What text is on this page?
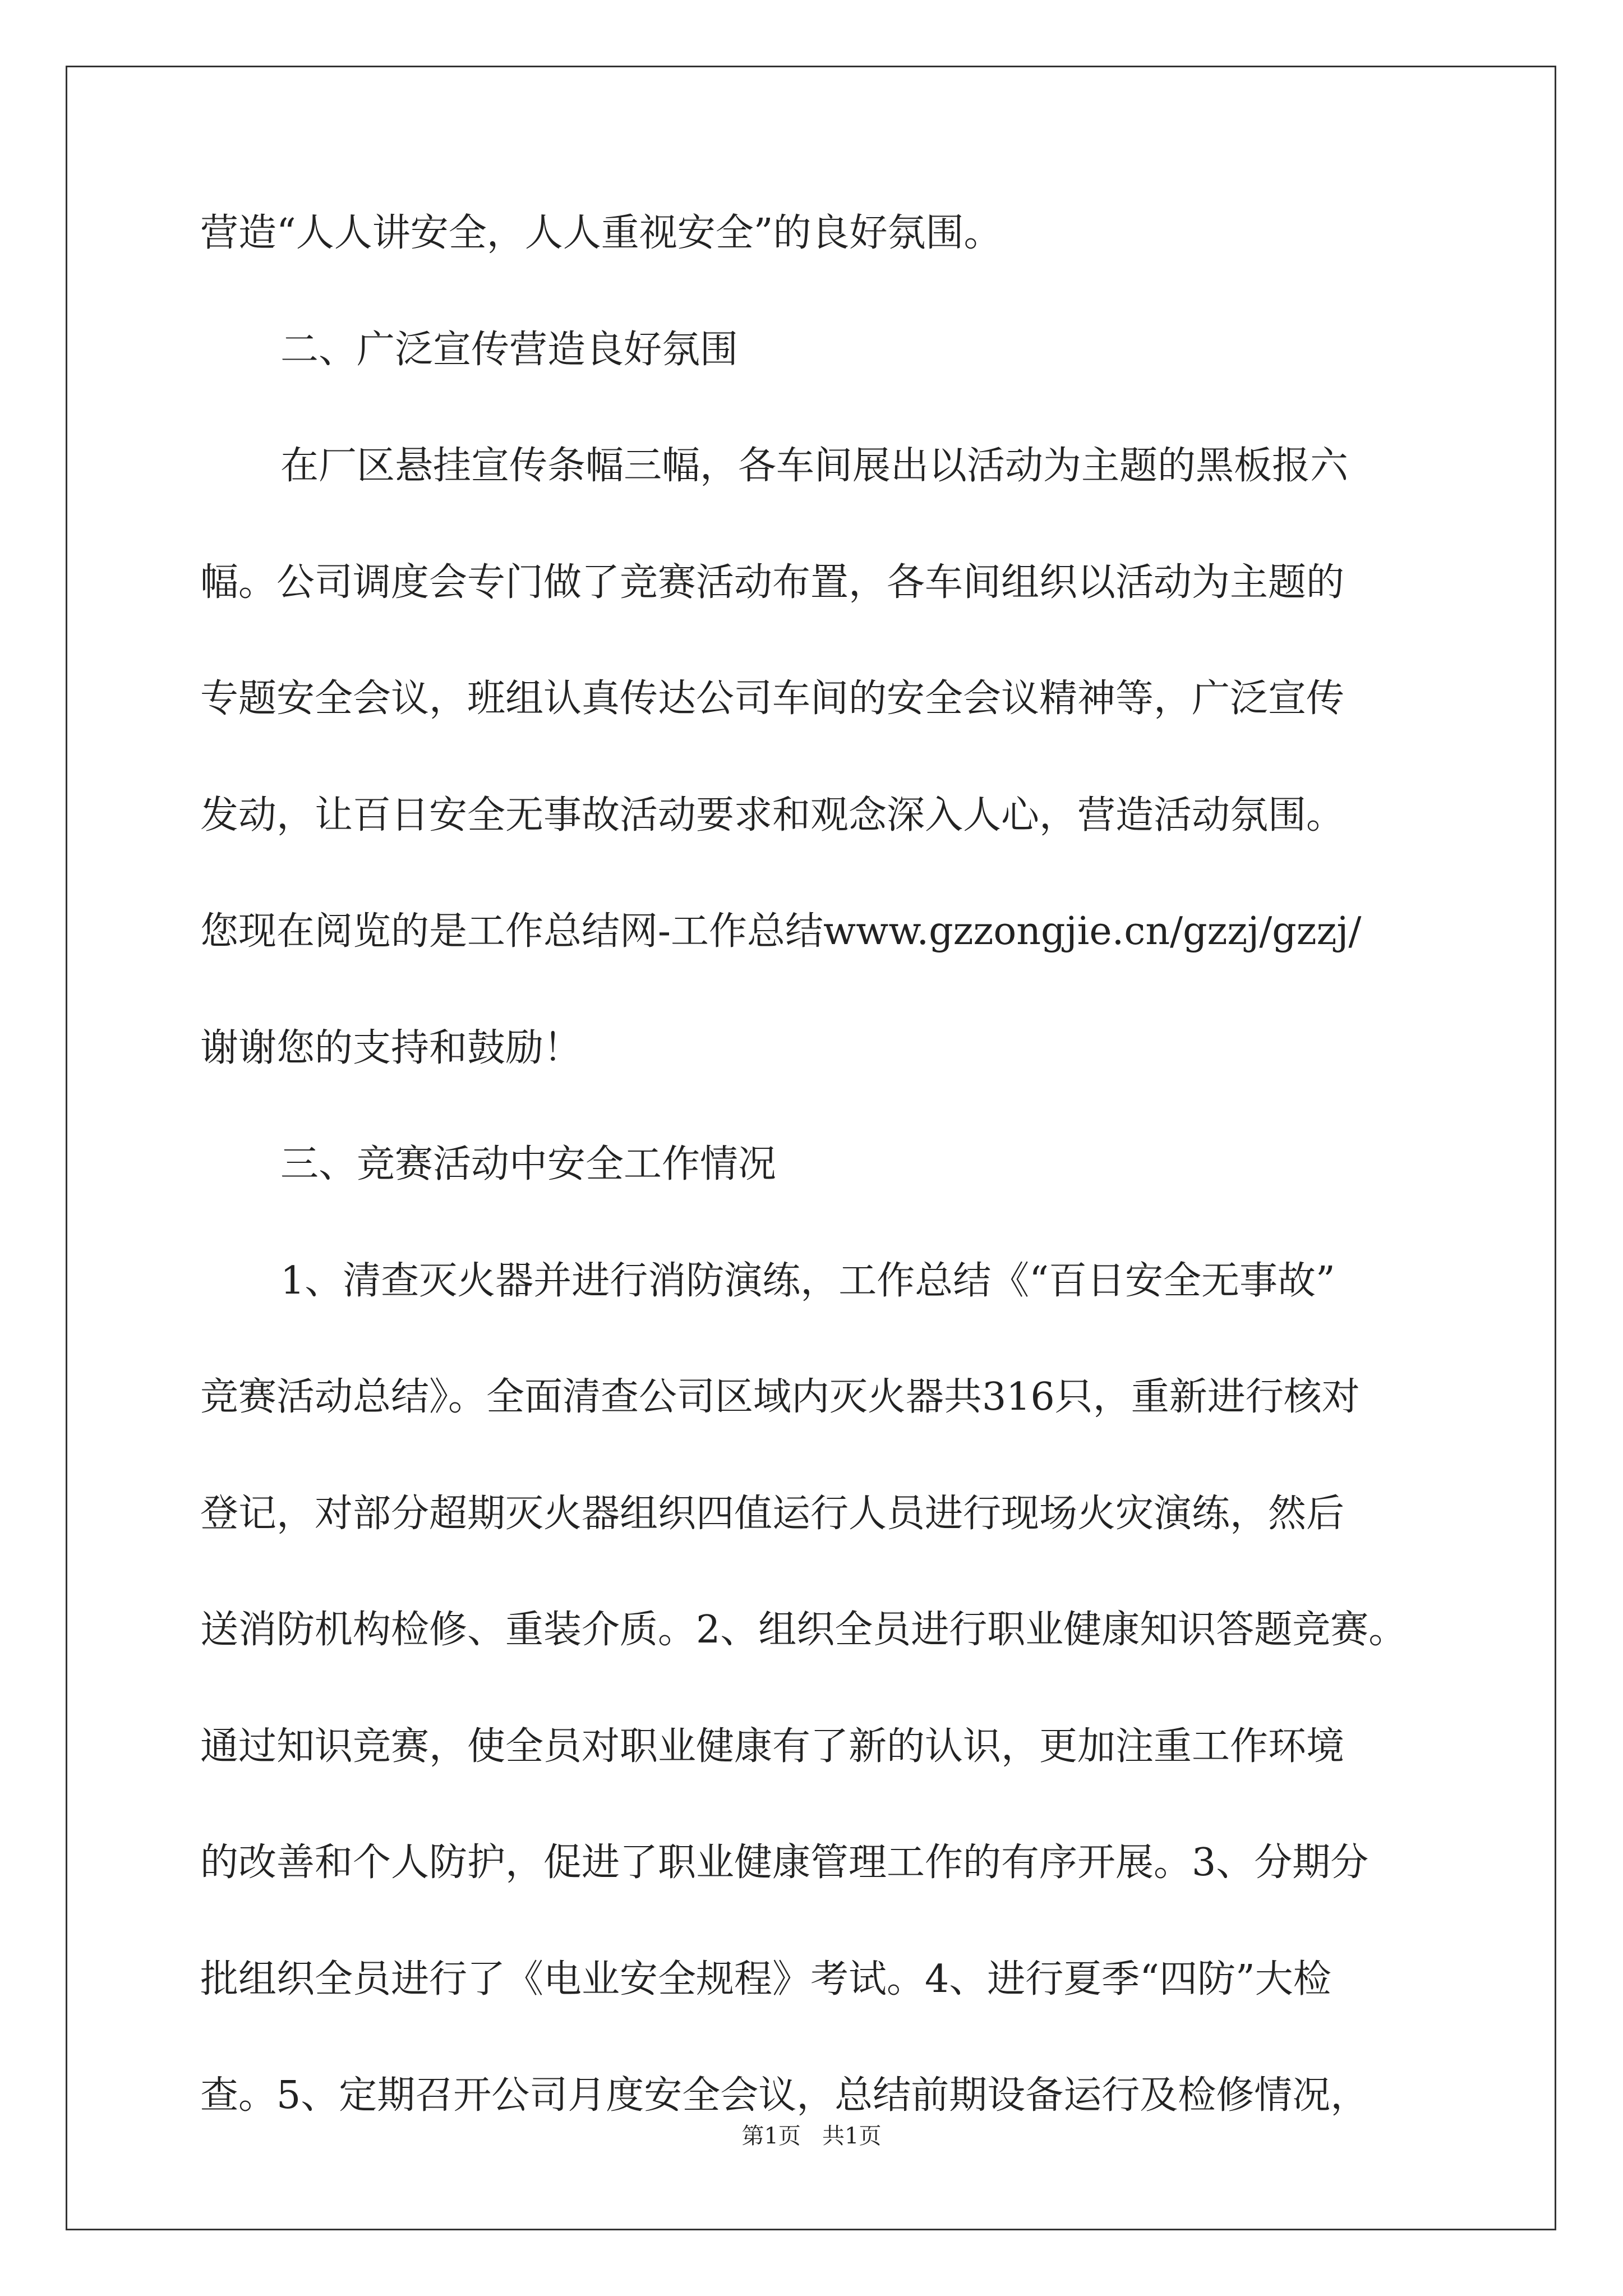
营造“人人讲安全，人人重视安全”的良好氛围。
二、广泛宣传营造良好氛围
在厂区悬挂宣传条幅三幅，各车间展出以活动为主题的黑板报六
幅。公司调度会专门做了竞赛活动布置，各车间组织以活动为主题的
专题安全会议，班组认真传达公司车间的安全会议精神等，广泛宣传
发动，让百日安全无事故活动要求和观念深入人心，营造活动氛围。
您现在阅览的是工作总结网-工作总结www.gzzongjie.cn/gzzj/gzzj/
谢谢您的支持和鼓励！
三、竞赛活动中安全工作情况
1、清查灭火器并进行消防演练，工作总结《“百日安全无事故”
竞赛活动总结》。全面清查公司区域内灭火器共316只，重新进行核对
登记，对部分超期灭火器组织四值运行人员进行现场火灾演练，然后
送消防机构检修、重装介质。2、组织全员进行职业健康知识答题竞赛。
通过知识竞赛，使全员对职业健康有了新的认识，更加注重工作环境
的改善和个人防护，促进了职业健康管理工作的有序开展。3、分期分
批组织全员进行了《电业安全规程》考试。4、进行夏季“四防”大检
查。5、定期召开公司月度安全会议，总结前期设备运行及检修情况，
第1页   共1页
